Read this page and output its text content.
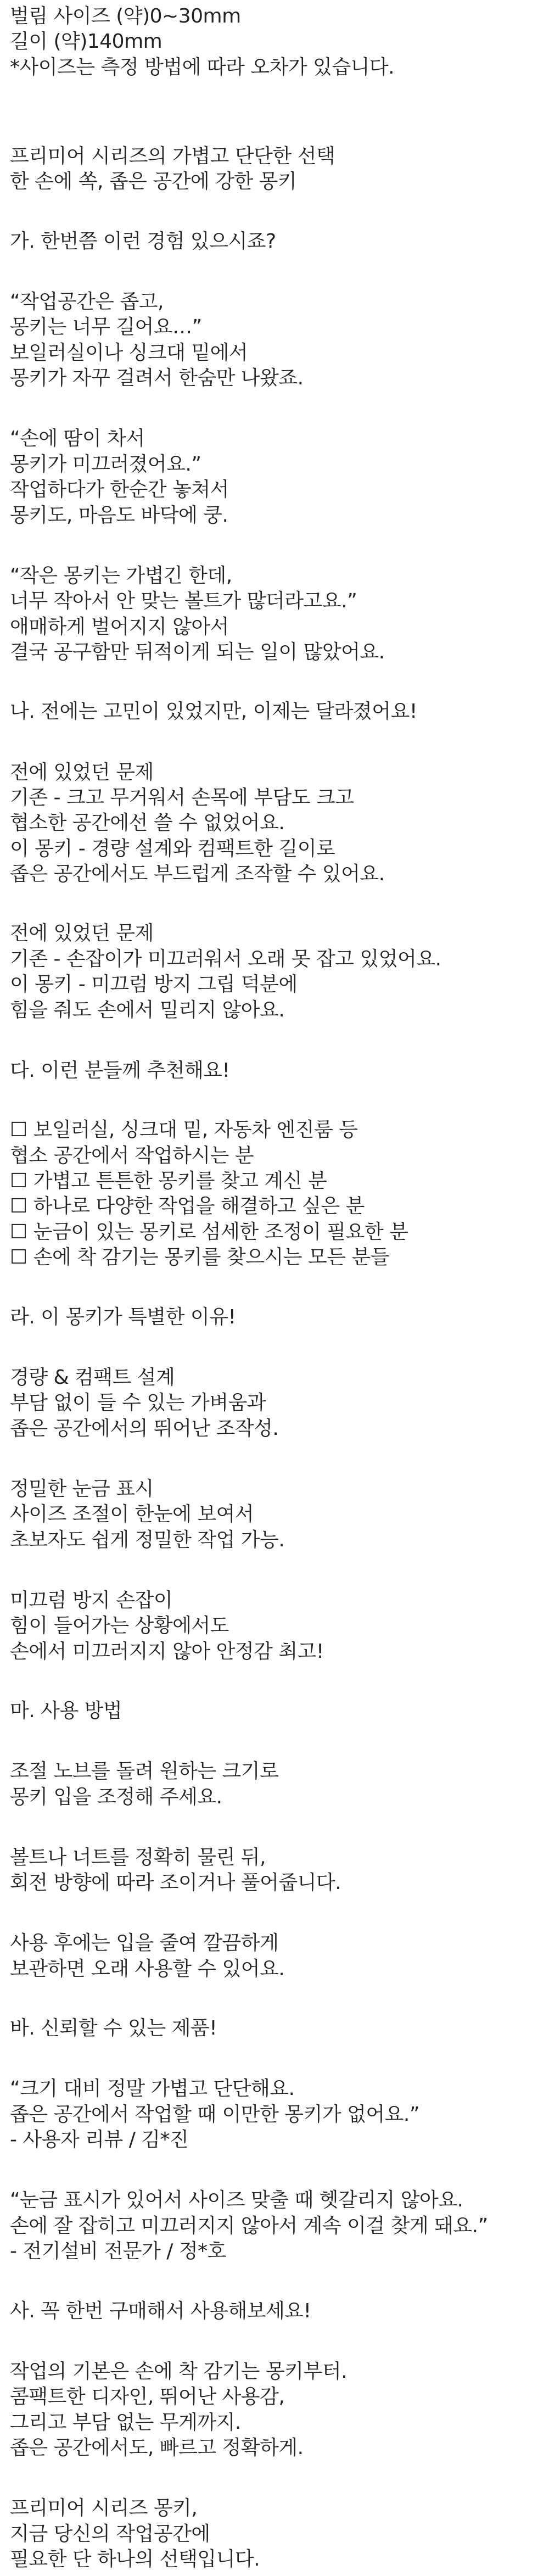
벌림 사이즈 (약)0~30mm
길이 (약)140mm
*사이즈는 측정 방법에 따라 오차가 있습니다.
프리미어 시리즈의 가볍고 단단한 선택
한 손에 쏙, 좁은 공간에 강한 몽키
가. 한번쯤 이런 경험 있으시죠?
“작업공간은 좁고,
몽키는 너무 길어요…”
보일러실이나 싱크대 밑에서
몽키가 자꾸 걸려서 한숨만 나왔죠.
“손에 땀이 차서
몽키가 미끄러졌어요.”
작업하다가 한순간 놓쳐서
몽키도, 마음도 바닥에 쿵.
“작은 몽키는 가볍긴 한데,
너무 작아서 안 맞는 볼트가 많더라고요.”
애매하게 벌어지지 않아서
결국 공구함만 뒤적이게 되는 일이 많았어요.
나. 전에는 고민이 있었지만, 이제는 달라졌어요!
전에 있었던 문제
기존 - 크고 무거워서 손목에 부담도 크고
협소한 공간에선 쓸 수 없었어요.
이 몽키 - 경량 설계와 컴팩트한 길이로
좁은 공간에서도 부드럽게 조작할 수 있어요.
전에 있었던 문제
기존 - 손잡이가 미끄러워서 오래 못 잡고 있었어요.
이 몽키 - 미끄럼 방지 그립 덕분에
힘을 줘도 손에서 밀리지 않아요.
다. 이런 분들께 추천해요!
☐ 보일러실, 싱크대 밑, 자동차 엔진룸 등
협소 공간에서 작업하시는 분
☐ 가볍고 튼튼한 몽키를 찾고 계신 분
☐ 하나로 다양한 작업을 해결하고 싶은 분
☐ 눈금이 있는 몽키로 섬세한 조정이 필요한 분
☐ 손에 착 감기는 몽키를 찾으시는 모든 분들
라. 이 몽키가 특별한 이유!
경량 & 컴팩트 설계
부담 없이 들 수 있는 가벼움과
좁은 공간에서의 뛰어난 조작성.
정밀한 눈금 표시
사이즈 조절이 한눈에 보여서
초보자도 쉽게 정밀한 작업 가능.
미끄럼 방지 손잡이
힘이 들어가는 상황에서도
손에서 미끄러지지 않아 안정감 최고!
마. 사용 방법
조절 노브를 돌려 원하는 크기로
몽키 입을 조정해 주세요.
볼트나 너트를 정확히 물린 뒤,
회전 방향에 따라 조이거나 풀어줍니다.
사용 후에는 입을 줄여 깔끔하게
보관하면 오래 사용할 수 있어요.
바. 신뢰할 수 있는 제품!
“크기 대비 정말 가볍고 단단해요.
좁은 공간에서 작업할 때 이만한 몽키가 없어요.”
- 사용자 리뷰 / 김*진
“눈금 표시가 있어서 사이즈 맞출 때 헷갈리지 않아요.
손에 잘 잡히고 미끄러지지 않아서 계속 이걸 찾게 돼요.”
- 전기설비 전문가 / 정*호
사. 꼭 한번 구매해서 사용해보세요!
작업의 기본은 손에 착 감기는 몽키부터.
콤팩트한 디자인, 뛰어난 사용감,
그리고 부담 없는 무게까지.
좁은 공간에서도, 빠르고 정확하게.
프리미어 시리즈 몽키,
지금 당신의 작업공간에
필요한 단 하나의 선택입니다.
